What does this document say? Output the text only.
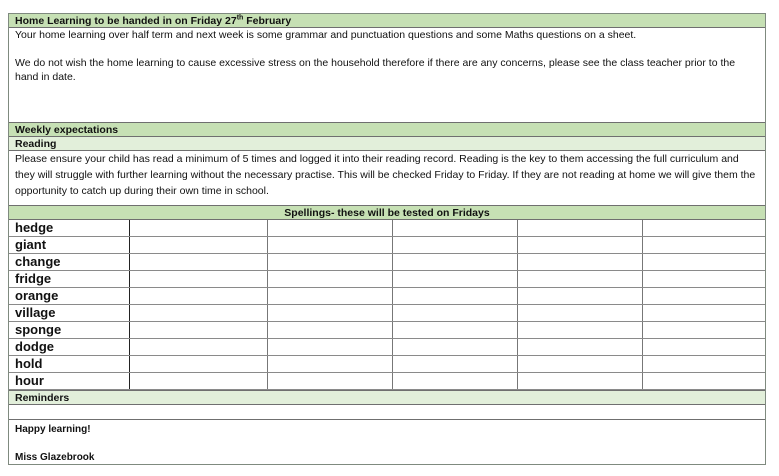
Home Learning to be handed in on Friday 27th February

Your home learning over half term and next week is some grammar and punctuation questions and some Maths questions on a sheet.

We do not wish the home learning to cause excessive stress on the household therefore if there are any concerns, please see the class teacher prior to the hand in date.

Weekly expectations
Reading
Please ensure your child has read a minimum of 5 times and logged it into their reading record. Reading is the key to them accessing the full curriculum and they will struggle with further learning without the necessary practise. This will be checked Friday to Friday. If they are not reading at home we will give them the opportunity to catch up during their own time in school.
Spellings- these will be tested on Fridays
hedge					
giant					
change					
fridge					
orange					
village					
sponge					
dodge					
hold					
hour					
Reminders
Happy learning!
Miss Glazebrook
